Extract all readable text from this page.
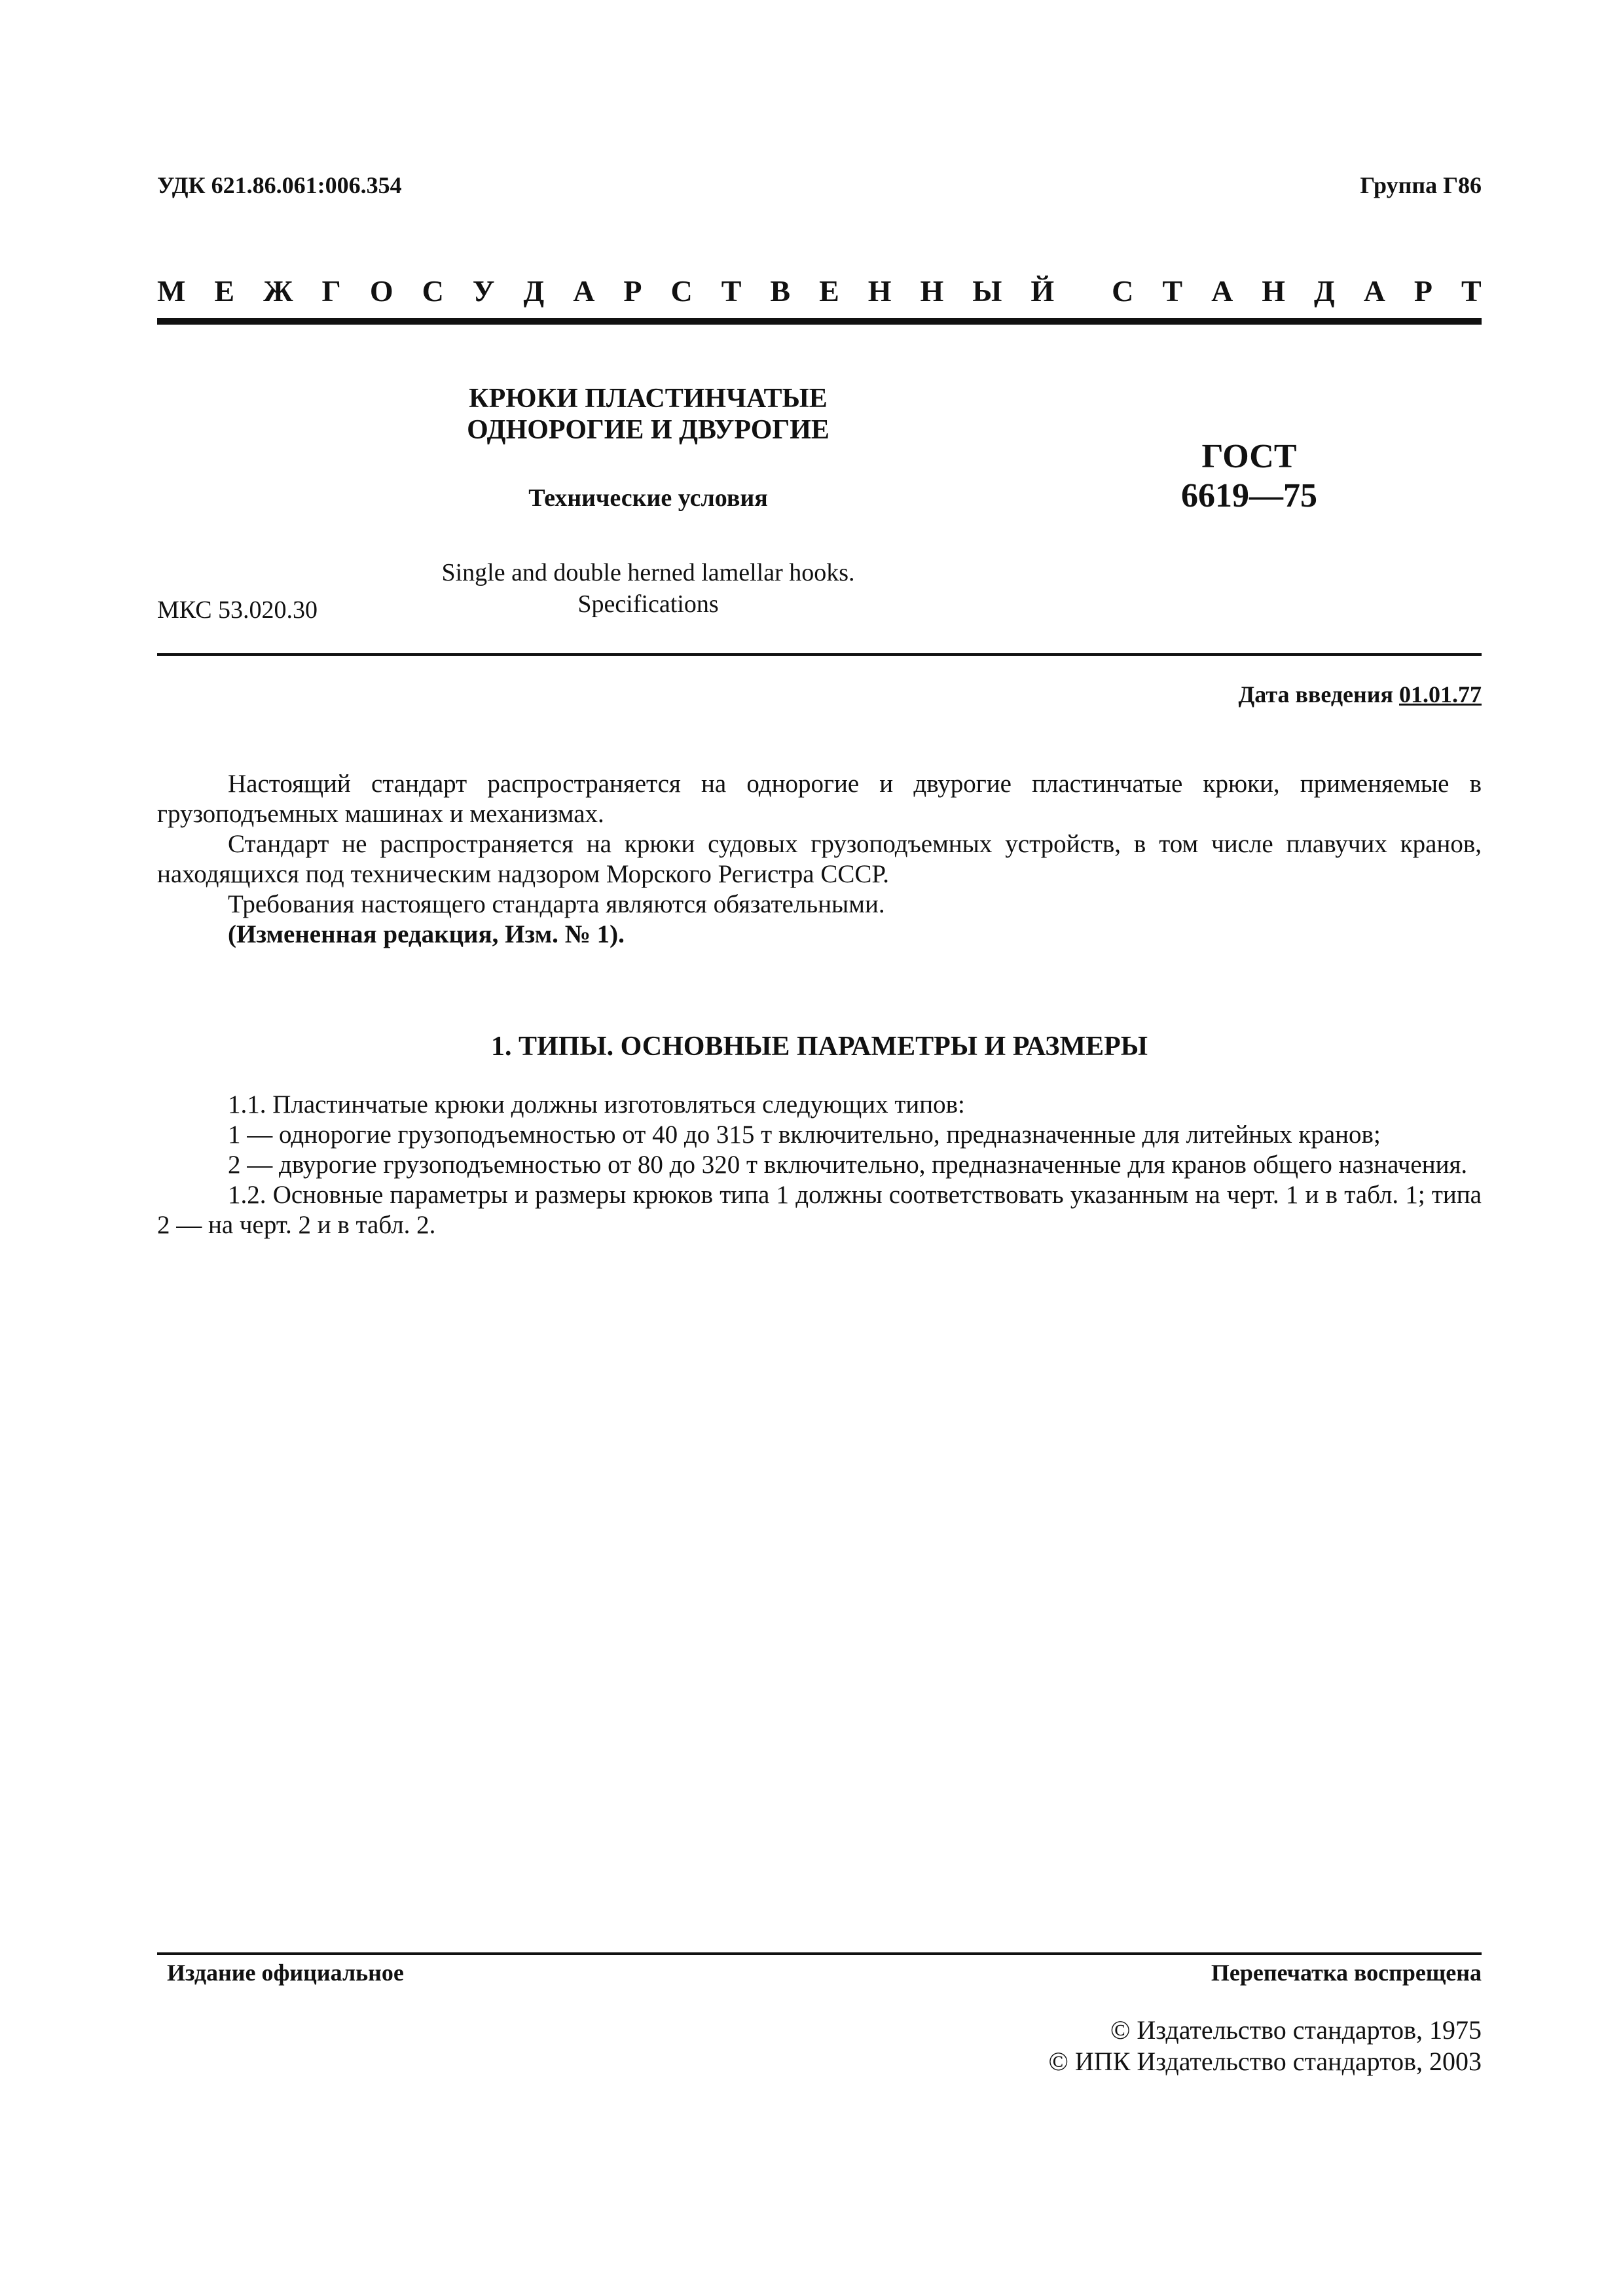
УДК 621.86.061:006.354	Группа Г86
М Е Ж Г О С У Д А Р С Т В Е Н Н Ы Й С Т А Н Д А Р Т
КРЮКИ ПЛАСТИНЧАТЫЕ
ОДНОРОГИЕ И ДВУРОГИЕ
Технические условия
Single and double herned lamellar hooks.
Specifications
ГОСТ
6619—75
МКС 53.020.30
Дата введения 01.01.77

Настоящий стандарт распространяется на однорогие и двурогие пластинчатые крюки, применяемые в грузоподъемных машинах и механизмах.

Стандарт не распространяется на крюки судовых грузоподъемных устройств, в том числе плавучих кранов, находящихся под техническим надзором Морского Регистра СССР.

Требования настоящего стандарта являются обязательными.

(Измененная редакция, Изм. № 1).

1. ТИПЫ. ОСНОВНЫЕ ПАРАМЕТРЫ И РАЗМЕРЫ

1.1. Пластинчатые крюки должны изготовляться следующих типов:

1 — однорогие грузоподъемностью от 40 до 315 т включительно, предназначенные для литейных кранов;

2 — двурогие грузоподъемностью от 80 до 320 т включительно, предназначенные для кранов общего назначения.

1.2. Основные параметры и размеры крюков типа 1 должны соответствовать указанным на черт. 1 и в табл. 1; типа 2 — на черт. 2 и в табл. 2.

Издание официальное	Перепечатка воспрещена
© Издательство стандартов, 1975
© ИПК Издательство стандартов, 2003
